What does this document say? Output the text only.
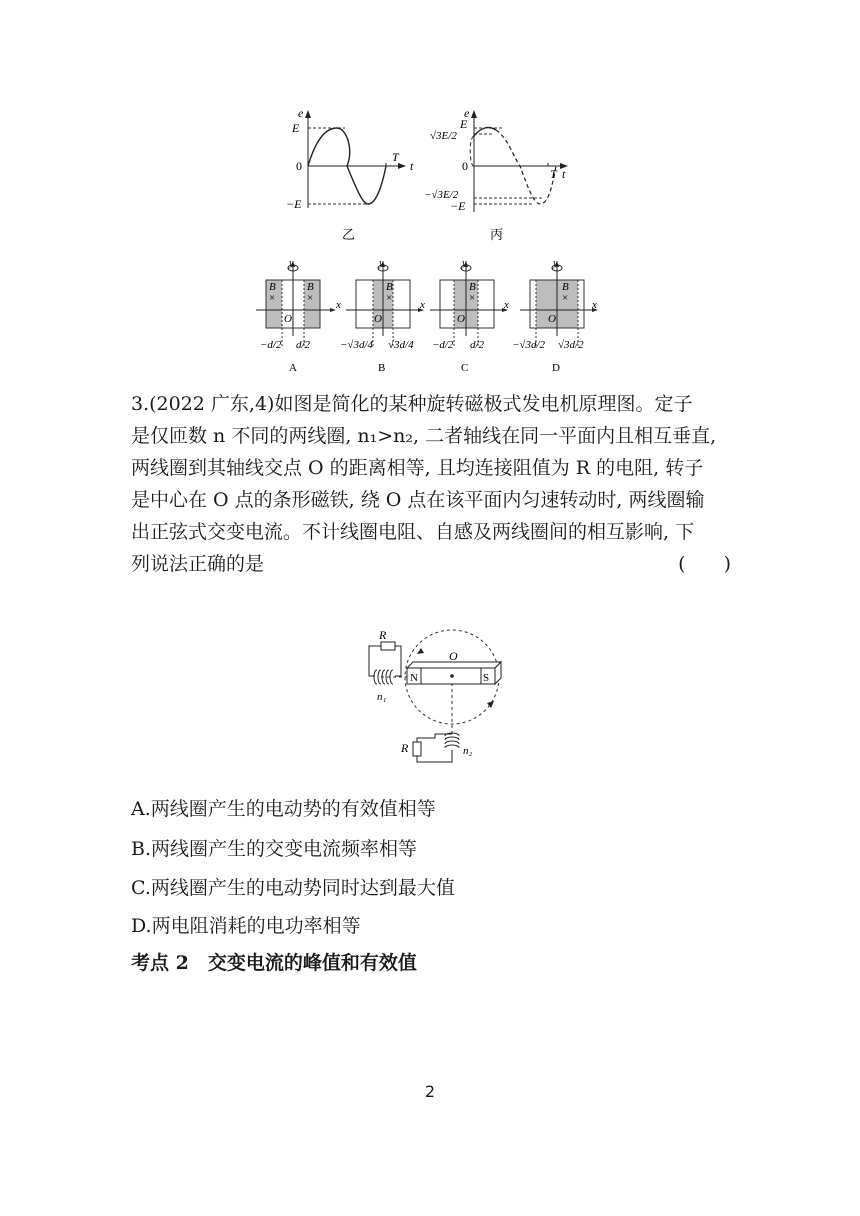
e
t
T
E
0
−E
乙
e
t
T
E
√3E/2
0
−√3E/2
−E
丙
y
x
B	B
×	×
O
−d/2 d/2
A
y
x
B
×
O
−√3d/4 √3d/4
B
y
x
B
×
O
−d/2 d/2
C
y
x
B
×
O
−√3d/2 √3d/2
D
3.(2022 广东,4)如图是简化的某种旋转磁极式发电机原理图。定子
是仅匝数 n 不同的两线圈, n₁>n₂, 二者轴线在同一平面内且相互垂直,
两线圈到其轴线交点 O 的距离相等, 且均连接阻值为 R 的电阻, 转子
是中心在 O 点的条形磁铁, 绕 O 点在该平面内匀速转动时, 两线圈输
出正弦式交变电流。不计线圈电阻、自感及两线圈间的相互影响, 下
列说法正确的是	(　　)
R
R
n₁
n₂
O
N	S
A.两线圈产生的电动势的有效值相等
B.两线圈产生的交变电流频率相等
C.两线圈产生的电动势同时达到最大值
D.两电阻消耗的电功率相等
考点 2　交变电流的峰值和有效值
2
